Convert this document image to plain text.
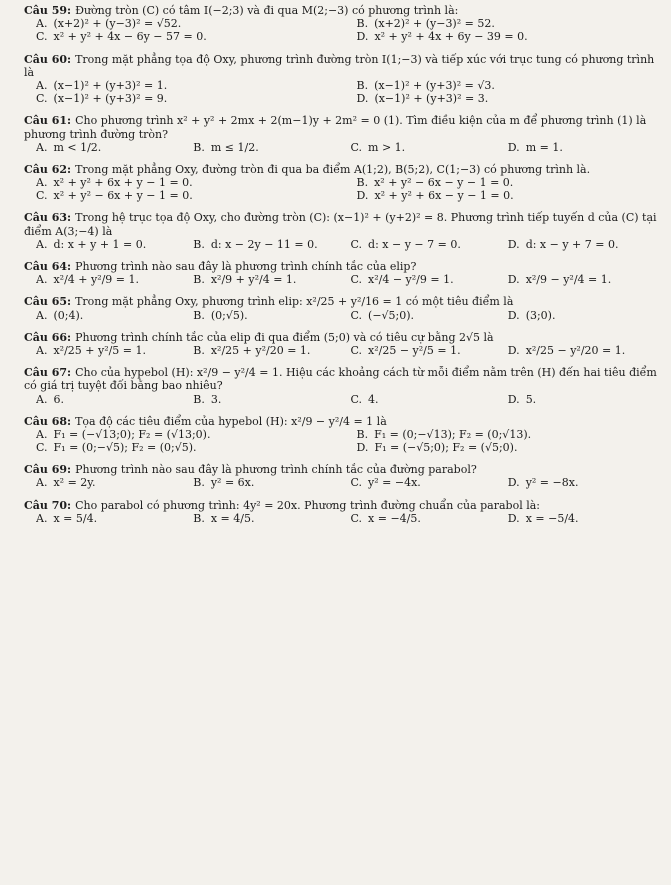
Câu 59: Đường tròn (C) có tâm I(−2;3) và đi qua M(2;−3) có phương trình là:
A. (x+2)² + (y−3)² = √52.	B. (x+2)² + (y−3)² = 52.
C. x² + y² + 4x − 6y − 57 = 0.	D. x² + y² + 4x + 6y − 39 = 0.
Câu 60: Trong mặt phẳng tọa độ Oxy, phương trình đường tròn I(1;−3) và tiếp xúc với trục tung có phương trình là
A. (x−1)² + (y+3)² = 1.	B. (x−1)² + (y+3)² = √3.
C. (x−1)² + (y+3)² = 9.	D. (x−1)² + (y+3)² = 3.
Câu 61: Cho phương trình x² + y² + 2mx + 2(m−1)y + 2m² = 0 (1). Tìm điều kiện của m để phương trình (1) là phương trình đường tròn?
A. m < 1/2.	B. m ≤ 1/2.	C. m > 1.	D. m = 1.
Câu 62: Trong mặt phẳng Oxy, đường tròn đi qua ba điểm A(1;2), B(5;2), C(1;−3) có phương trình là.
A. x² + y² + 6x + y − 1 = 0.	B. x² + y² − 6x − y − 1 = 0.
C. x² + y² − 6x + y − 1 = 0.	D. x² + y² + 6x − y − 1 = 0.
Câu 63: Trong hệ trục tọa độ Oxy, cho đường tròn (C): (x−1)² + (y+2)² = 8. Phương trình tiếp tuyến d của (C) tại điểm A(3;−4) là
A. d: x + y + 1 = 0.	B. d: x − 2y − 11 = 0.	C. d: x − y − 7 = 0.	D. d: x − y + 7 = 0.
Câu 64: Phương trình nào sau đây là phương trình chính tắc của elip?
A. x²/4 + y²/9 = 1.	B. x²/9 + y²/4 = 1.	C. x²/4 − y²/9 = 1.	D. x²/9 − y²/4 = 1.
Câu 65: Trong mặt phẳng Oxy, phương trình elip: x²/25 + y²/16 = 1 có một tiêu điểm là
A. (0;4).	B. (0;√5).	C. (−√5;0).	D. (3;0).
Câu 66: Phương trình chính tắc của elip đi qua điểm (5;0) và có tiêu cự bằng 2√5 là
A. x²/25 + y²/5 = 1.	B. x²/25 + y²/20 = 1.	C. x²/25 − y²/5 = 1.	D. x²/25 − y²/20 = 1.
Câu 67: Cho của hypebol (H): x²/9 − y²/4 = 1. Hiệu các khoảng cách từ mỗi điểm nằm trên (H) đến hai tiêu điểm có giá trị tuyệt đối bằng bao nhiêu?
A. 6.	B. 3.	C. 4.	D. 5.
Câu 68: Tọa độ các tiêu điểm của hypebol (H): x²/9 − y²/4 = 1 là
A. F₁ = (−√13;0); F₂ = (√13;0).	B. F₁ = (0;−√13); F₂ = (0;√13).
C. F₁ = (0;−√5); F₂ = (0;√5).	D. F₁ = (−√5;0); F₂ = (√5;0).
Câu 69: Phương trình nào sau đây là phương trình chính tắc của đường parabol?
A. x² = 2y.	B. y² = 6x.	C. y² = −4x.	D. y² = −8x.
Câu 70: Cho parabol có phương trình: 4y² = 20x. Phương trình đường chuẩn của parabol là:
A. x = 5/4.	B. x = 4/5.	C. x = −4/5.	D. x = −5/4.
